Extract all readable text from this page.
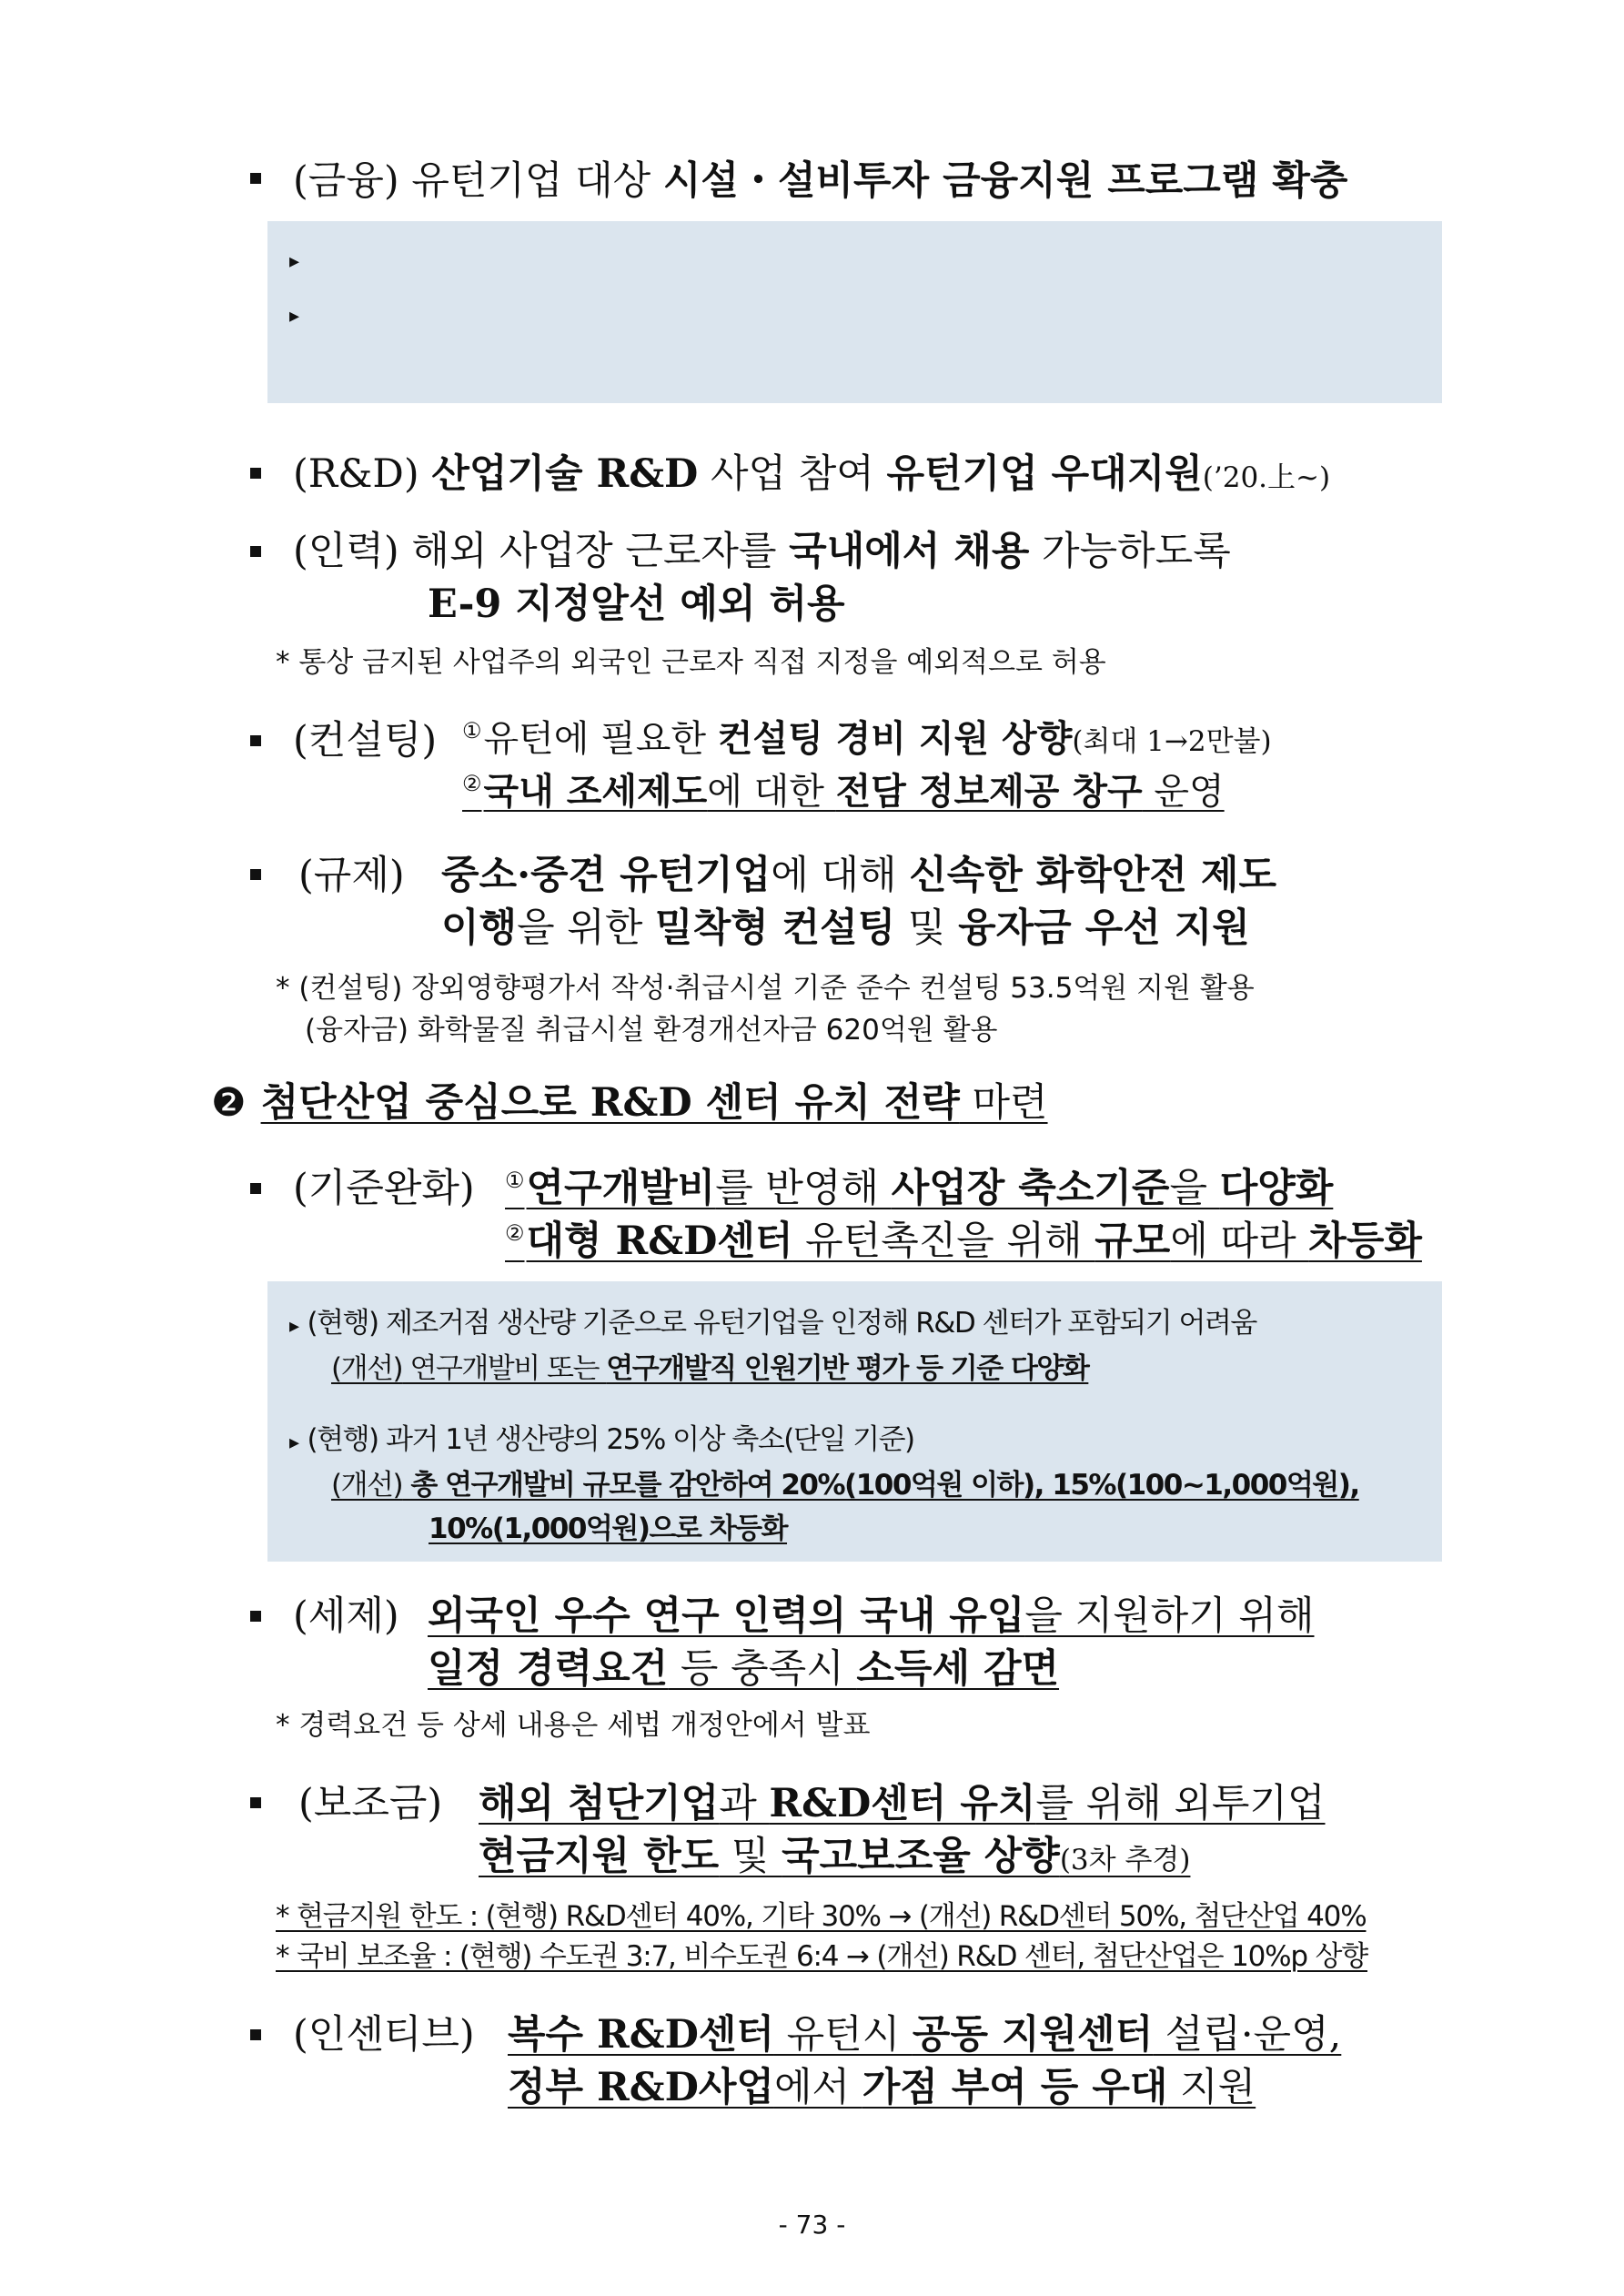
(금융) 유턴기업 대상 시설・설비투자 금융지원 프로그램 확충
▸
▸
(R&D) 산업기술 R&D 사업 참여 유턴기업 우대지원(’20.上~)
(인력) 해외 사업장 근로자를 국내에서 채용 가능하도록
E-9 지정알선 예외 허용
* 통상 금지된 사업주의 외국인 근로자 직접 지정을 예외적으로 허용
(컨설팅) ①유턴에 필요한 컨설팅 경비 지원 상향(최대 1→2만불)
②국내 조세제도에 대한 전담 정보제공 창구 운영
(규제) 중소·중견 유턴기업에 대해 신속한 화학안전 제도
이행을 위한 밀착형 컨설팅 및 융자금 우선 지원
* (컨설팅) 장외영향평가서 작성·취급시설 기준 준수 컨설팅 53.5억원 지원 활용
(융자금) 화학물질 취급시설 환경개선자금 620억원 활용
❷ 첨단산업 중심으로 R&D 센터 유치 전략 마련
(기준완화) ①연구개발비를 반영해 사업장 축소기준을 다양화
②대형 R&D센터 유턴촉진을 위해 규모에 따라 차등화
▸ (현행) 제조거점 생산량 기준으로 유턴기업을 인정해 R&D 센터가 포함되기 어려움
(개선) 연구개발비 또는 연구개발직 인원기반 평가 등 기준 다양화
▸ (현행) 과거 1년 생산량의 25% 이상 축소(단일 기준)
(개선) 총 연구개발비 규모를 감안하여 20%(100억원 이하), 15%(100~1,000억원),
10%(1,000억원)으로 차등화
(세제) 외국인 우수 연구 인력의 국내 유입을 지원하기 위해
일정 경력요건 등 충족시 소득세 감면
* 경력요건 등 상세 내용은 세법 개정안에서 발표
(보조금) 해외 첨단기업과 R&D센터 유치를 위해 외투기업
현금지원 한도 및 국고보조율 상향(3차 추경)
* 현금지원 한도 : (현행) R&D센터 40%, 기타 30% → (개선) R&D센터 50%, 첨단산업 40%
* 국비 보조율 : (현행) 수도권 3:7, 비수도권 6:4 → (개선) R&D 센터, 첨단산업은 10%p 상향
(인센티브) 복수 R&D센터 유턴시 공동 지원센터 설립·운영,
정부 R&D사업에서 가점 부여 등 우대 지원
- 73 -
